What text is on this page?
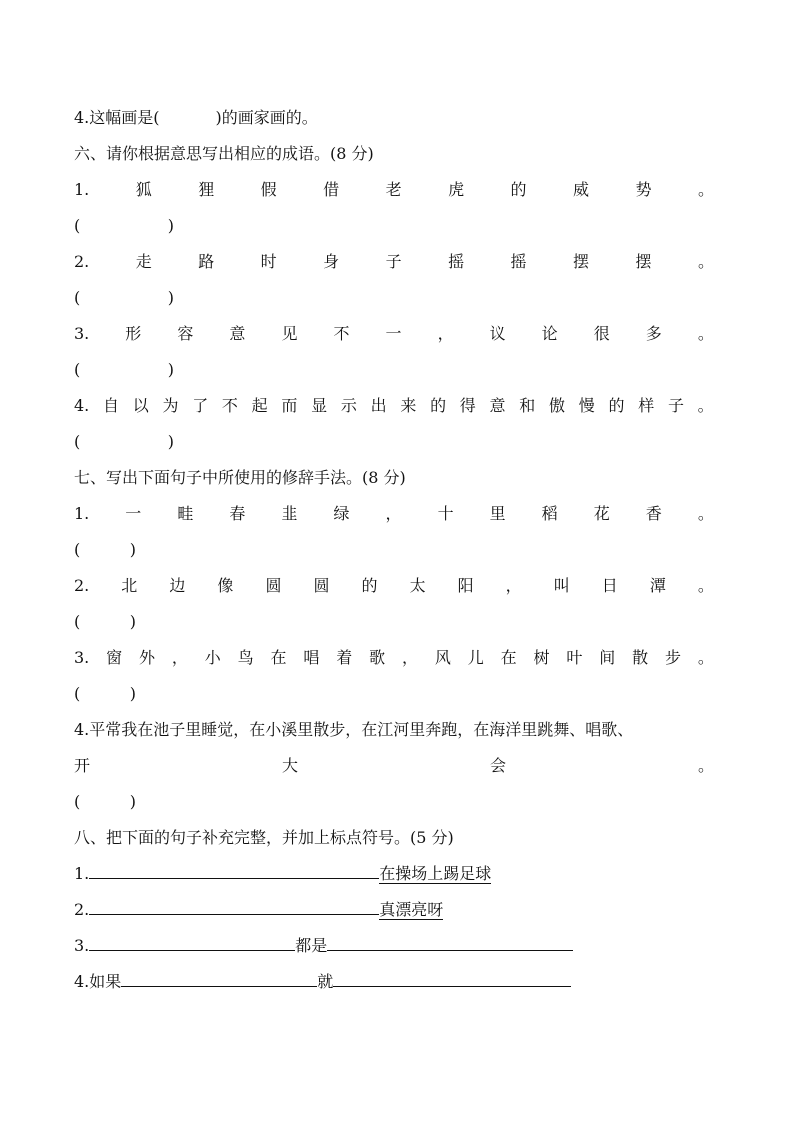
4.这幅画是(	)的画家画的。
六、请你根据意思写出相应的成语。(8 分)
1.	狐	狸	假	借	老	虎	的	威	势	。
(	)
2.	走	路	时	身	子	摇	摇	摆	摆	。
(	)
3. 形 容 意 见 不 一 ， 议 论 很 多 。
(	)
4. 自 以 为 了 不 起 而 显 示 出 来 的 得 意 和 傲 慢 的 样 子 。
(	)
七、写出下面句子中所使用的修辞手法。(8 分)
1. 一 畦 春 韭 绿 ， 十 里 稻 花 香 。
(	)
2. 北 边 像 圆 圆 的 太 阳 ， 叫 日 潭 。
(	)
3. 窗 外 ， 小 鸟 在 唱 着 歌 ， 风 儿 在 树 叶 间 散 步 。
(	)
4.平常我在池子里睡觉，在小溪里散步，在江河里奔跑，在海洋里跳舞、唱歌、
开	大	会	。
(	)
八、把下面的句子补充完整，并加上标点符号。(5 分)
1.	在操场上踢足球
2.	真漂亮呀
3.	都是
4.如果	就
